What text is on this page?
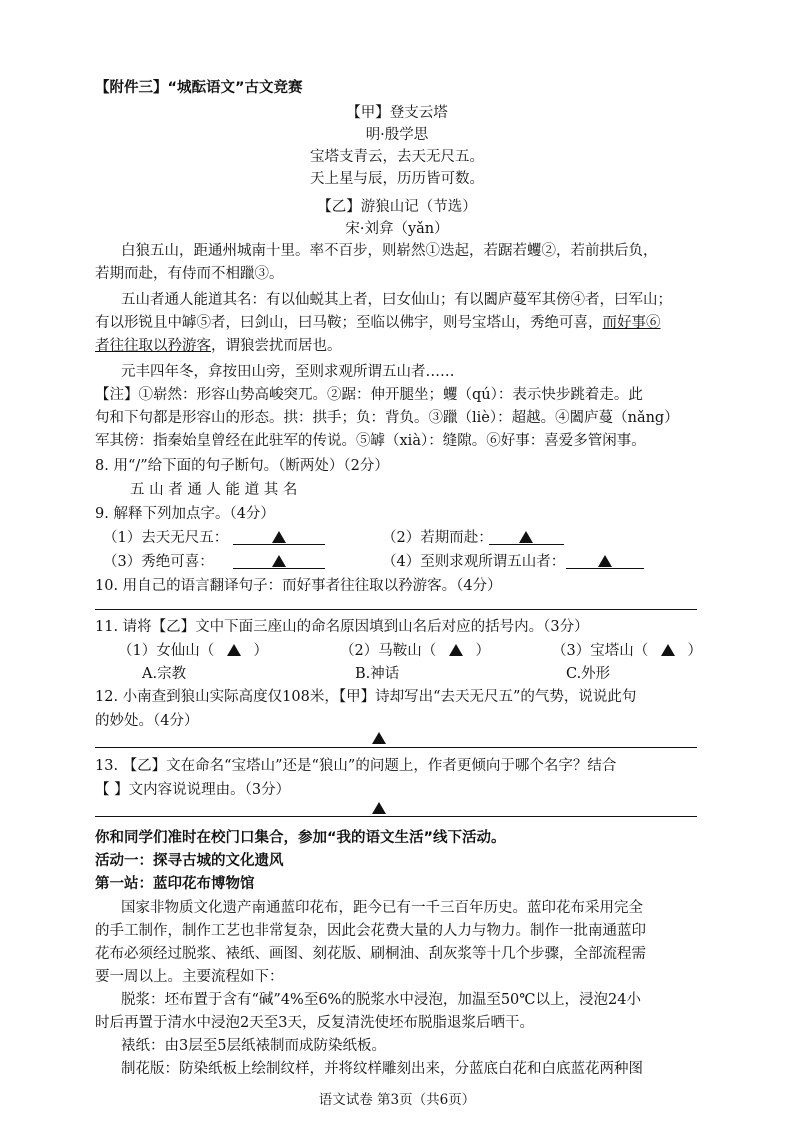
【附件三】“城酝语文”古文竞赛
【甲】登支云塔
明·殷学思
宝塔支青云，去天无尺五。
天上星与辰，历历皆可数。
【乙】游狼山记（节选）
宋·刘弇（yǎn）
白狼五山，距通州城南十里。率不百步，则崭然①迭起，若踞若蠼②，若前拱后负，
若期而赴，有侍而不相躐③。
五山者通人能道其名：有以仙蜕其上者，曰女仙山；有以闔庐蔓军其傍④者，曰军山；
有以形锐且中罅⑤者，曰剑山，曰马鞍；至临以佛宇，则号宝塔山，秀绝可喜，而好事⑥
者往往取以矜游客，谓狼尝扰而居也。
元丰四年冬，弇按田山旁，至则求观所谓五山者……
【注】①崭然：形容山势高峻突兀。②踞：伸开腿坐；蠼（qú）：表示快步跳着走。此
句和下句都是形容山的形态。拱：拱手；负：背负。③躐（liè）：超越。④闔庐蔓（nǎng）
军其傍：指秦始皇曾经在此驻军的传说。⑤罅（xià）：缝隙。⑥好事：喜爱多管闲事。
8. 用“/”给下面的句子断句。（断两处）（2分）
五 山 者 通 人 能 道 其 名
9. 解释下列加点字。（4分）
（1）去天无尺五：	（2）若期而赴：
（3）秀绝可喜：	（4）至则求观所谓五山者：
10. 用自己的语言翻译句子：而好事者往往取以矜游客。（4分）
11. 请将【乙】文中下面三座山的命名原因填到山名后对应的括号内。（3分）
（1）女仙山（	）	（2）马鞍山（	）	（3）宝塔山（	）
A.宗教	B.神话	C.外形
12. 小南查到狼山实际高度仅108米，【甲】诗却写出“去天无尺五”的气势，说说此句
的妙处。（4分）
13. 【乙】文在命名“宝塔山”还是“狼山”的问题上，作者更倾向于哪个名字？结合
【 】文内容说说理由。（3分）
你和同学们准时在校门口集合，参加“我的语文生活”线下活动。
活动一：探寻古城的文化遗风
第一站：蓝印花布博物馆
国家非物质文化遗产南通蓝印花布，距今已有一千三百年历史。蓝印花布采用完全
的手工制作，制作工艺也非常复杂，因此会花费大量的人力与物力。制作一批南通蓝印
花布必须经过脱浆、裱纸、画图、刻花版、刷桐油、刮灰浆等十几个步骤，全部流程需
要一周以上。主要流程如下：
脱浆：坯布置于含有“碱”4%至6%的脱浆水中浸泡，加温至50℃以上，浸泡24小
时后再置于清水中浸泡2天至3天，反复清洗使坯布脱脂退浆后晒干。
裱纸：由3层至5层纸裱制而成防染纸板。
制花版：防染纸板上绘制纹样，并将纹样雕刻出来，分蓝底白花和白底蓝花两种图
语文试卷 第3页（共6页）
